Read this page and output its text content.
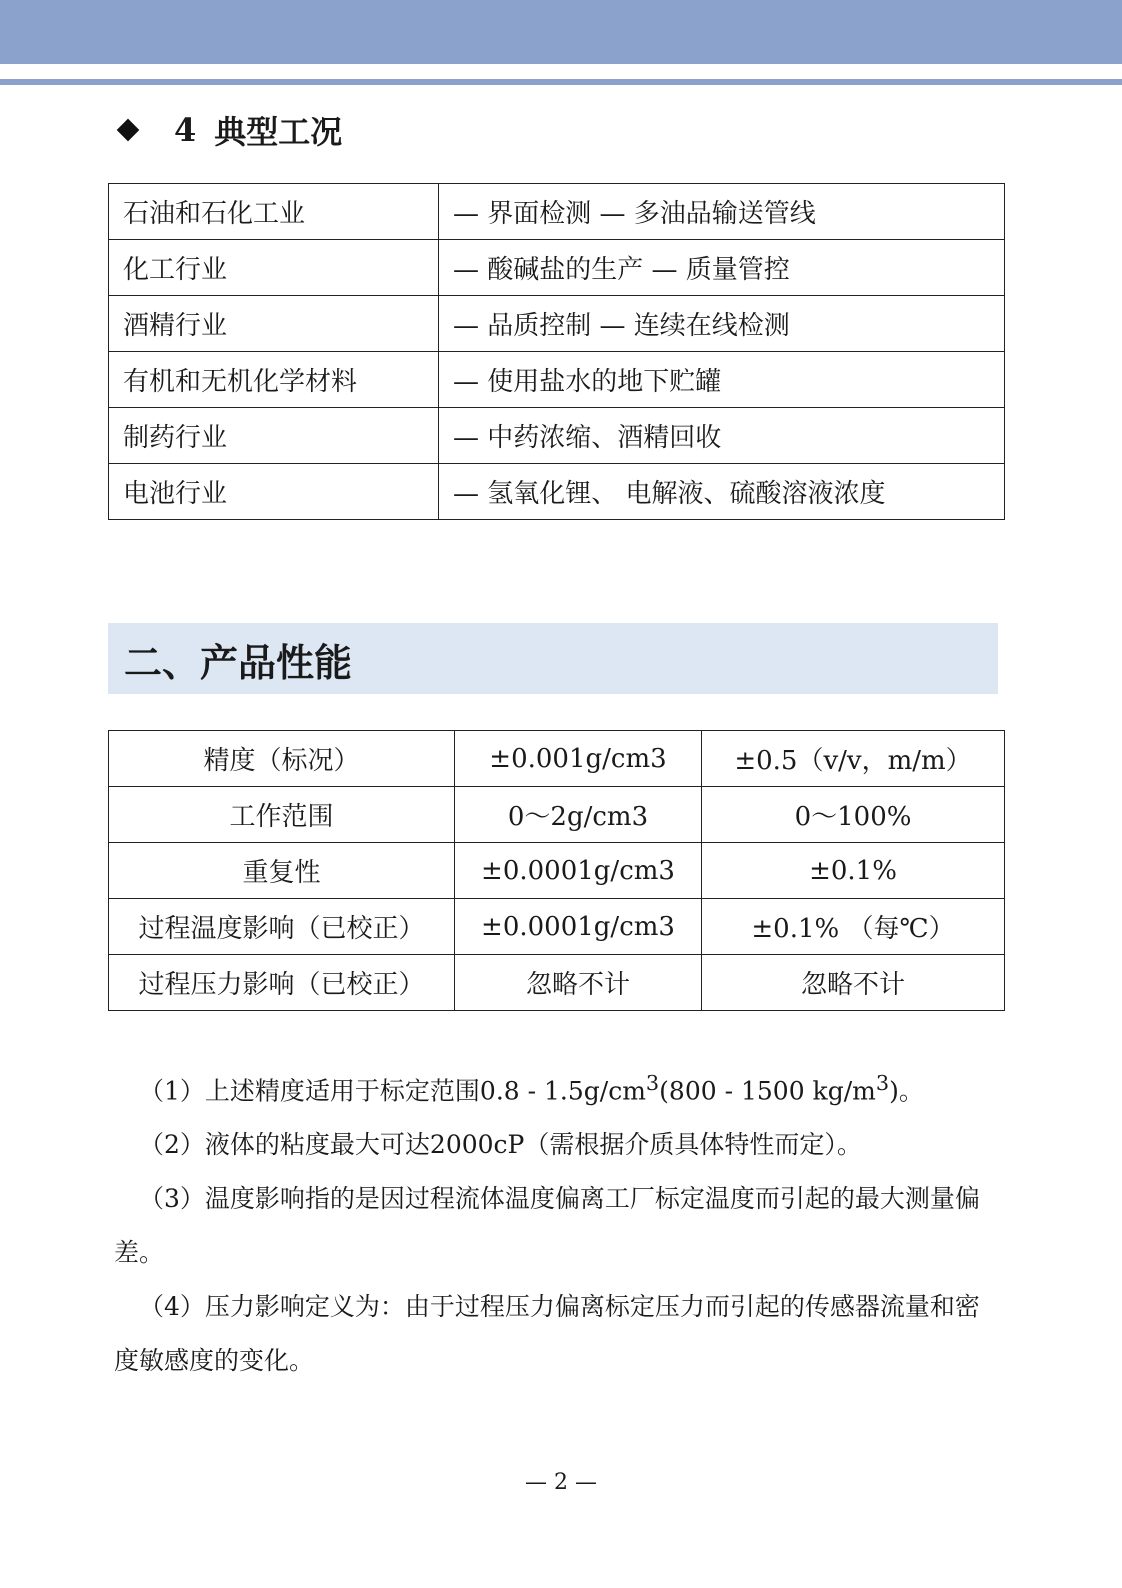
4 典型工况
石油和石化工业	— 界面检测 — 多油品输送管线
化工行业	— 酸碱盐的生产 — 质量管控
酒精行业	— 品质控制 — 连续在线检测
有机和无机化学材料	— 使用盐水的地下贮罐
制药行业	— 中药浓缩、酒精回收
电池行业	— 氢氧化锂、 电解液、硫酸溶液浓度
二、产品性能
精度（标况）	±0.001g/cm3	±0.5（v/v，m/m）
工作范围	0～2g/cm3	0～100%
重复性	±0.0001g/cm3	±0.1%
过程温度影响（已校正）	±0.0001g/cm3	±0.1% （每℃）
过程压力影响（已校正）	忽略不计	忽略不计

（1）上述精度适用于标定范围$0.8 - 1.5g/cm^3(800 - 1500$ $kg/m^3$)。

（2）液体的粘度最大可达2000cP（需根据介质具体特性而定）。

（3）温度影响指的是因过程流体温度偏离工厂标定温度而引起的最大测量偏差。

（4）压力影响定义为：由于过程压力偏离标定压力而引起的传感器流量和密度敏感度的变化。

— 2 —
